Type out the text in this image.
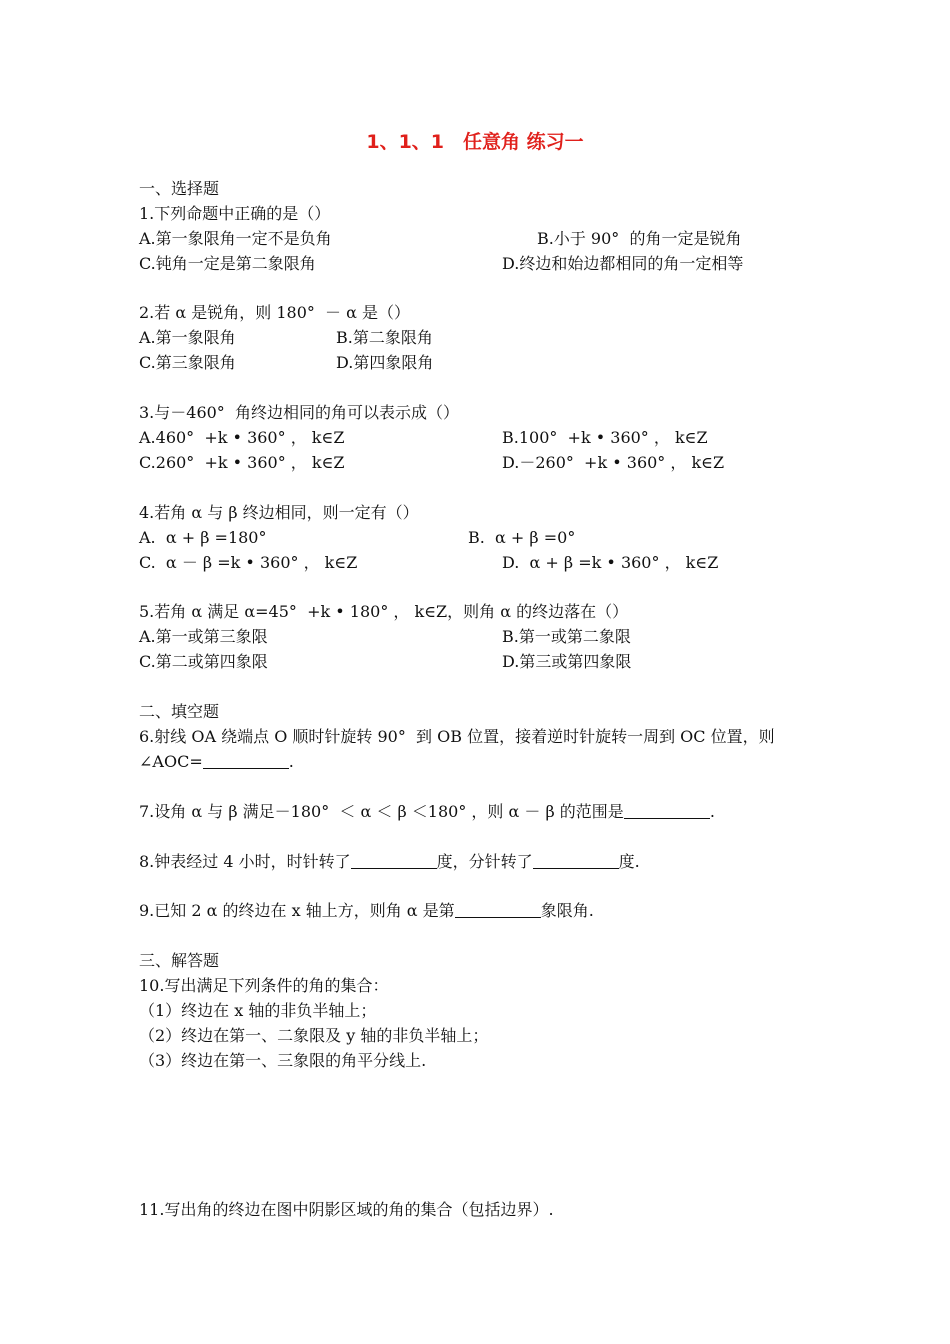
1、1、1　任意角 练习一
一、选择题
1.下列命题中正确的是（）
A.第一象限角一定不是负角	B.小于 90°  的角一定是锐角
C.钝角一定是第二象限角	D.终边和始边都相同的角一定相等
2.若 α 是锐角，则 180°  － α 是（）
A.第一象限角	B.第二象限角
C.第三象限角	D.第四象限角
3.与－460°  角终边相同的角可以表示成（）
A.460°  +k • 360° ， k∈Z	B.100°  +k • 360° ， k∈Z
C.260°  +k • 360° ， k∈Z	D.－260°  +k • 360° ， k∈Z
4.若角 α 与 β 终边相同，则一定有（）
A.  α + β =180°	B.  α + β =0°
C.  α － β =k • 360° ， k∈Z	D.  α + β =k • 360° ， k∈Z
5.若角 α 满足 α=45°  +k • 180° ， k∈Z，则角 α 的终边落在（）
A.第一或第三象限	B.第一或第二象限
C.第二或第四象限	D.第三或第四象限
二、填空题
6.射线 OA 绕端点 O 顺时针旋转 90°  到 OB 位置，接着逆时针旋转一周到 OC 位置，则
∠AOC=	.
7.设角 α 与 β 满足－180°  ＜ α ＜ β ＜180° ，则 α － β 的范围是	.
8.钟表经过 4 小时，时针转了	度，分针转了	度.
9.已知 2 α 的终边在 x 轴上方，则角 α 是第	象限角.
三、解答题
10.写出满足下列条件的角的集合：
（1）终边在 x 轴的非负半轴上；
（2）终边在第一、二象限及 y 轴的非负半轴上；
（3）终边在第一、三象限的角平分线上.
11.写出角的终边在图中阴影区域的角的集合（包括边界）.
